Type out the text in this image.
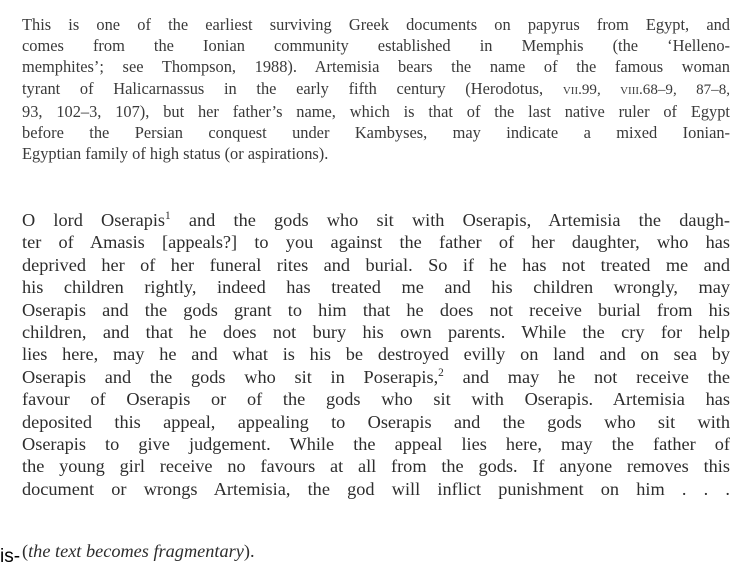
This is one of the earliest surviving Greek documents on papyrus from Egypt, and
comes from the Ionian community established in Memphis (the ‘Helleno-
memphites’; see Thompson, 1988). Artemisia bears the name of the famous woman
tyrant of Halicarnassus in the early fifth century (Herodotus, vii.99, viii.68–9, 87–8,
93, 102–3, 107), but her father’s name, which is that of the last native ruler of Egypt
before the Persian conquest under Kambyses, may indicate a mixed Ionian-
Egyptian family of high status (or aspirations).
O lord Oserapis$^1$ and the gods who sit with Oserapis, Artemisia the daugh-
ter of Amasis [appeals?] to you against the father of her daughter, who has
deprived her of her funeral rites and burial. So if he has not treated me and
his children rightly, indeed has treated me and his children wrongly, may
Oserapis and the gods grant to him that he does not receive burial from his
children, and that he does not bury his own parents. While the cry for help
lies here, may he and what is his be destroyed evilly on land and on sea by
Oserapis and the gods who sit in Poserapis,$^2$ and may he not receive the
favour of Oserapis or of the gods who sit with Oserapis. Artemisia has
deposited this appeal, appealing to Oserapis and the gods who sit with
Oserapis to give judgement. While the appeal lies here, may the father of
the young girl receive no favours at all from the gods. If anyone removes this
document or wrongs Artemisia, the god will inflict punishment on him . . .
(the text becomes fragmentary).
is-
